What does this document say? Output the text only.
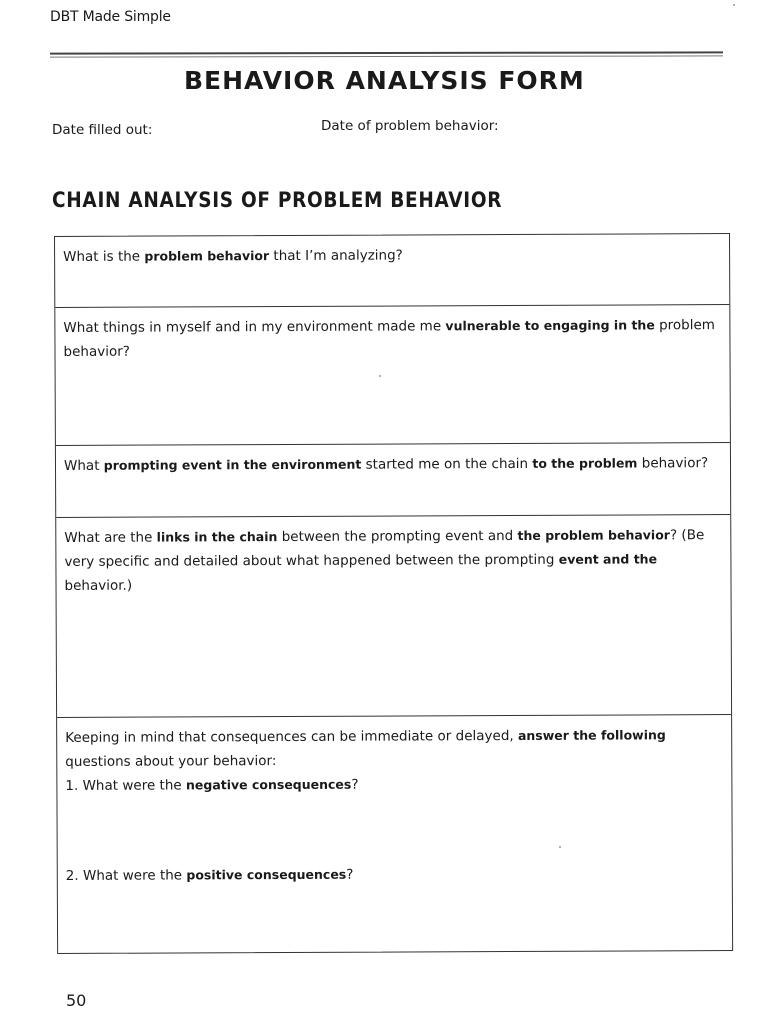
DBT Made Simple
BEHAVIOR ANALYSIS FORM
Date filled out:	Date of problem behavior:
CHAIN ANALYSIS OF PROBLEM BEHAVIOR

What is the problem behavior that I’m analyzing?

What things in myself and in my environment made me vulnerable to engaging in the problem behavior?

What prompting event in the environment started me on the chain to the problem behavior?

What are the links in the chain between the prompting event and the problem behavior? (Be very specific and detailed about what happened between the prompting event and the behavior.)

Keeping in mind that consequences can be immediate or delayed, answer the following questions about your behavior:

1. What were the negative consequences?

2. What were the positive consequences?

50
